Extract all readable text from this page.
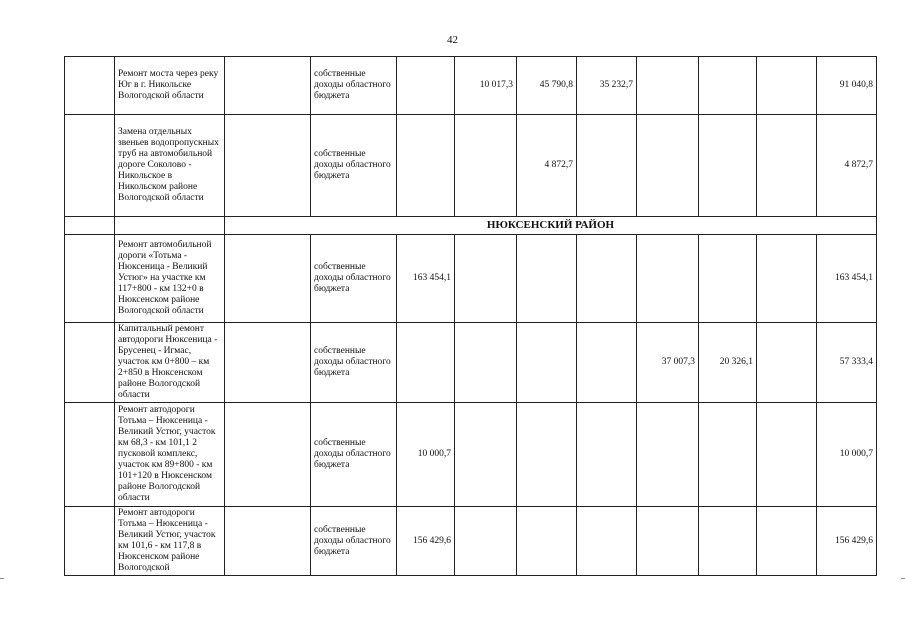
42
	Ремонт моста через реку Юг в г. Никольске Вологодской области		собственные доходы областного бюджета		10 017,3	45 790,8	35 232,7				91 040,8
	Замена отдельных звеньев водопропускных труб на автомобильной дороге Соколово - Никольское в Никольском районе Вологодской области		собственные доходы областного бюджета			4 872,7					4 872,7
		НЮКСЕНСКИЙ РАЙОН									
	Ремонт автомобильной дороги «Тотьма - Нюксеница - Великий Устюг» на участке км 117+800 - км 132+0 в Нюксенском районе Вологодской области		собственные доходы областного бюджета	163 454,1							163 454,1
	Капитальный ремонт автодороги Нюксеница - Брусенец - Игмас, участок км 0+800 – км 2+850 в Нюксенском районе Вологодской области		собственные доходы областного бюджета					37 007,3	20 326,1		57 333,4
	Ремонт автодороги Тотьма – Нюксеница - Великий Устюг, участок км 68,3 - км 101,1 2 пусковой комплекс, участок км 89+800 - км 101+120 в Нюксенском районе Вологодской области		собственные доходы областного бюджета	10 000,7							10 000,7
	Ремонт автодороги Тотьма – Нюксеница - Великий Устюг, участок км 101,6 - км 117,8 в Нюксенском районе Вологодской		собственные доходы областного бюджета	156 429,6							156 429,6
